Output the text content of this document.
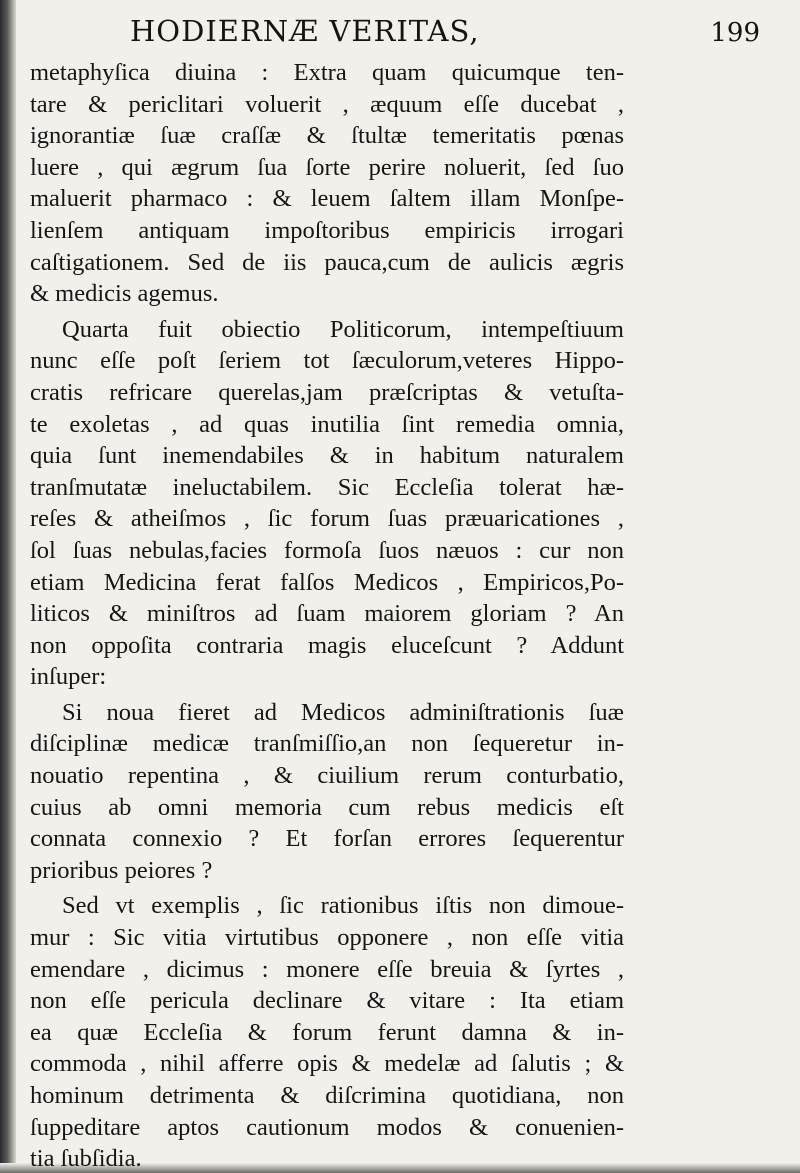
HODIERNÆ VERITAS,	199
metaphyſica diuina : Extra quam quicumque ten-
tare & periclitari voluerit , æquum eſſe ducebat ,
ignorantiæ ſuæ craſſæ & ſtultæ temeritatis pœnas
luere , qui ægrum ſua ſorte perire noluerit, ſed ſuo
maluerit pharmaco : & leuem ſaltem illam Monſpe-
lienſem antiquam impoſtoribus empiricis irrogari
caſtigationem. Sed de iis pauca,cum de aulicis ægris
& medicis agemus.
Quarta fuit obiectio Politicorum, intempeſtiuum
nunc eſſe poſt ſeriem tot ſæculorum,veteres Hippo-
cratis refricare querelas,jam præſcriptas & vetuſta-
te exoletas , ad quas inutilia ſint remedia omnia,
quia ſunt inemendabiles & in habitum naturalem
tranſmutatæ ineluctabilem. Sic Eccleſia tolerat hæ-
reſes & atheiſmos , ſic forum ſuas præuaricationes ,
ſol ſuas nebulas,facies formoſa ſuos næuos : cur non
etiam Medicina ferat falſos Medicos , Empiricos,Po-
liticos & miniſtros ad ſuam maiorem gloriam ? An
non oppoſita contraria magis eluceſcunt ? Addunt
inſuper:
Si noua fieret ad Medicos adminiſtrationis ſuæ
diſciplinæ medicæ tranſmiſſio,an non ſequeretur in-
nouatio repentina , & ciuilium rerum conturbatio,
cuius ab omni memoria cum rebus medicis eſt
connata connexio ? Et forſan errores ſequerentur
prioribus peiores ?
Sed vt exemplis , ſic rationibus iſtis non dimoue-
mur : Sic vitia virtutibus opponere , non eſſe vitia
emendare , dicimus : monere eſſe breuia & ſyrtes ,
non eſſe pericula declinare & vitare : Ita etiam
ea quæ Eccleſia & forum ferunt damna & in-
commoda , nihil afferre opis & medelæ ad ſalutis ; &
hominum detrimenta & diſcrimina quotidiana, non
ſuppeditare aptos cautionum modos & conuenien-
tia ſubſidia.
